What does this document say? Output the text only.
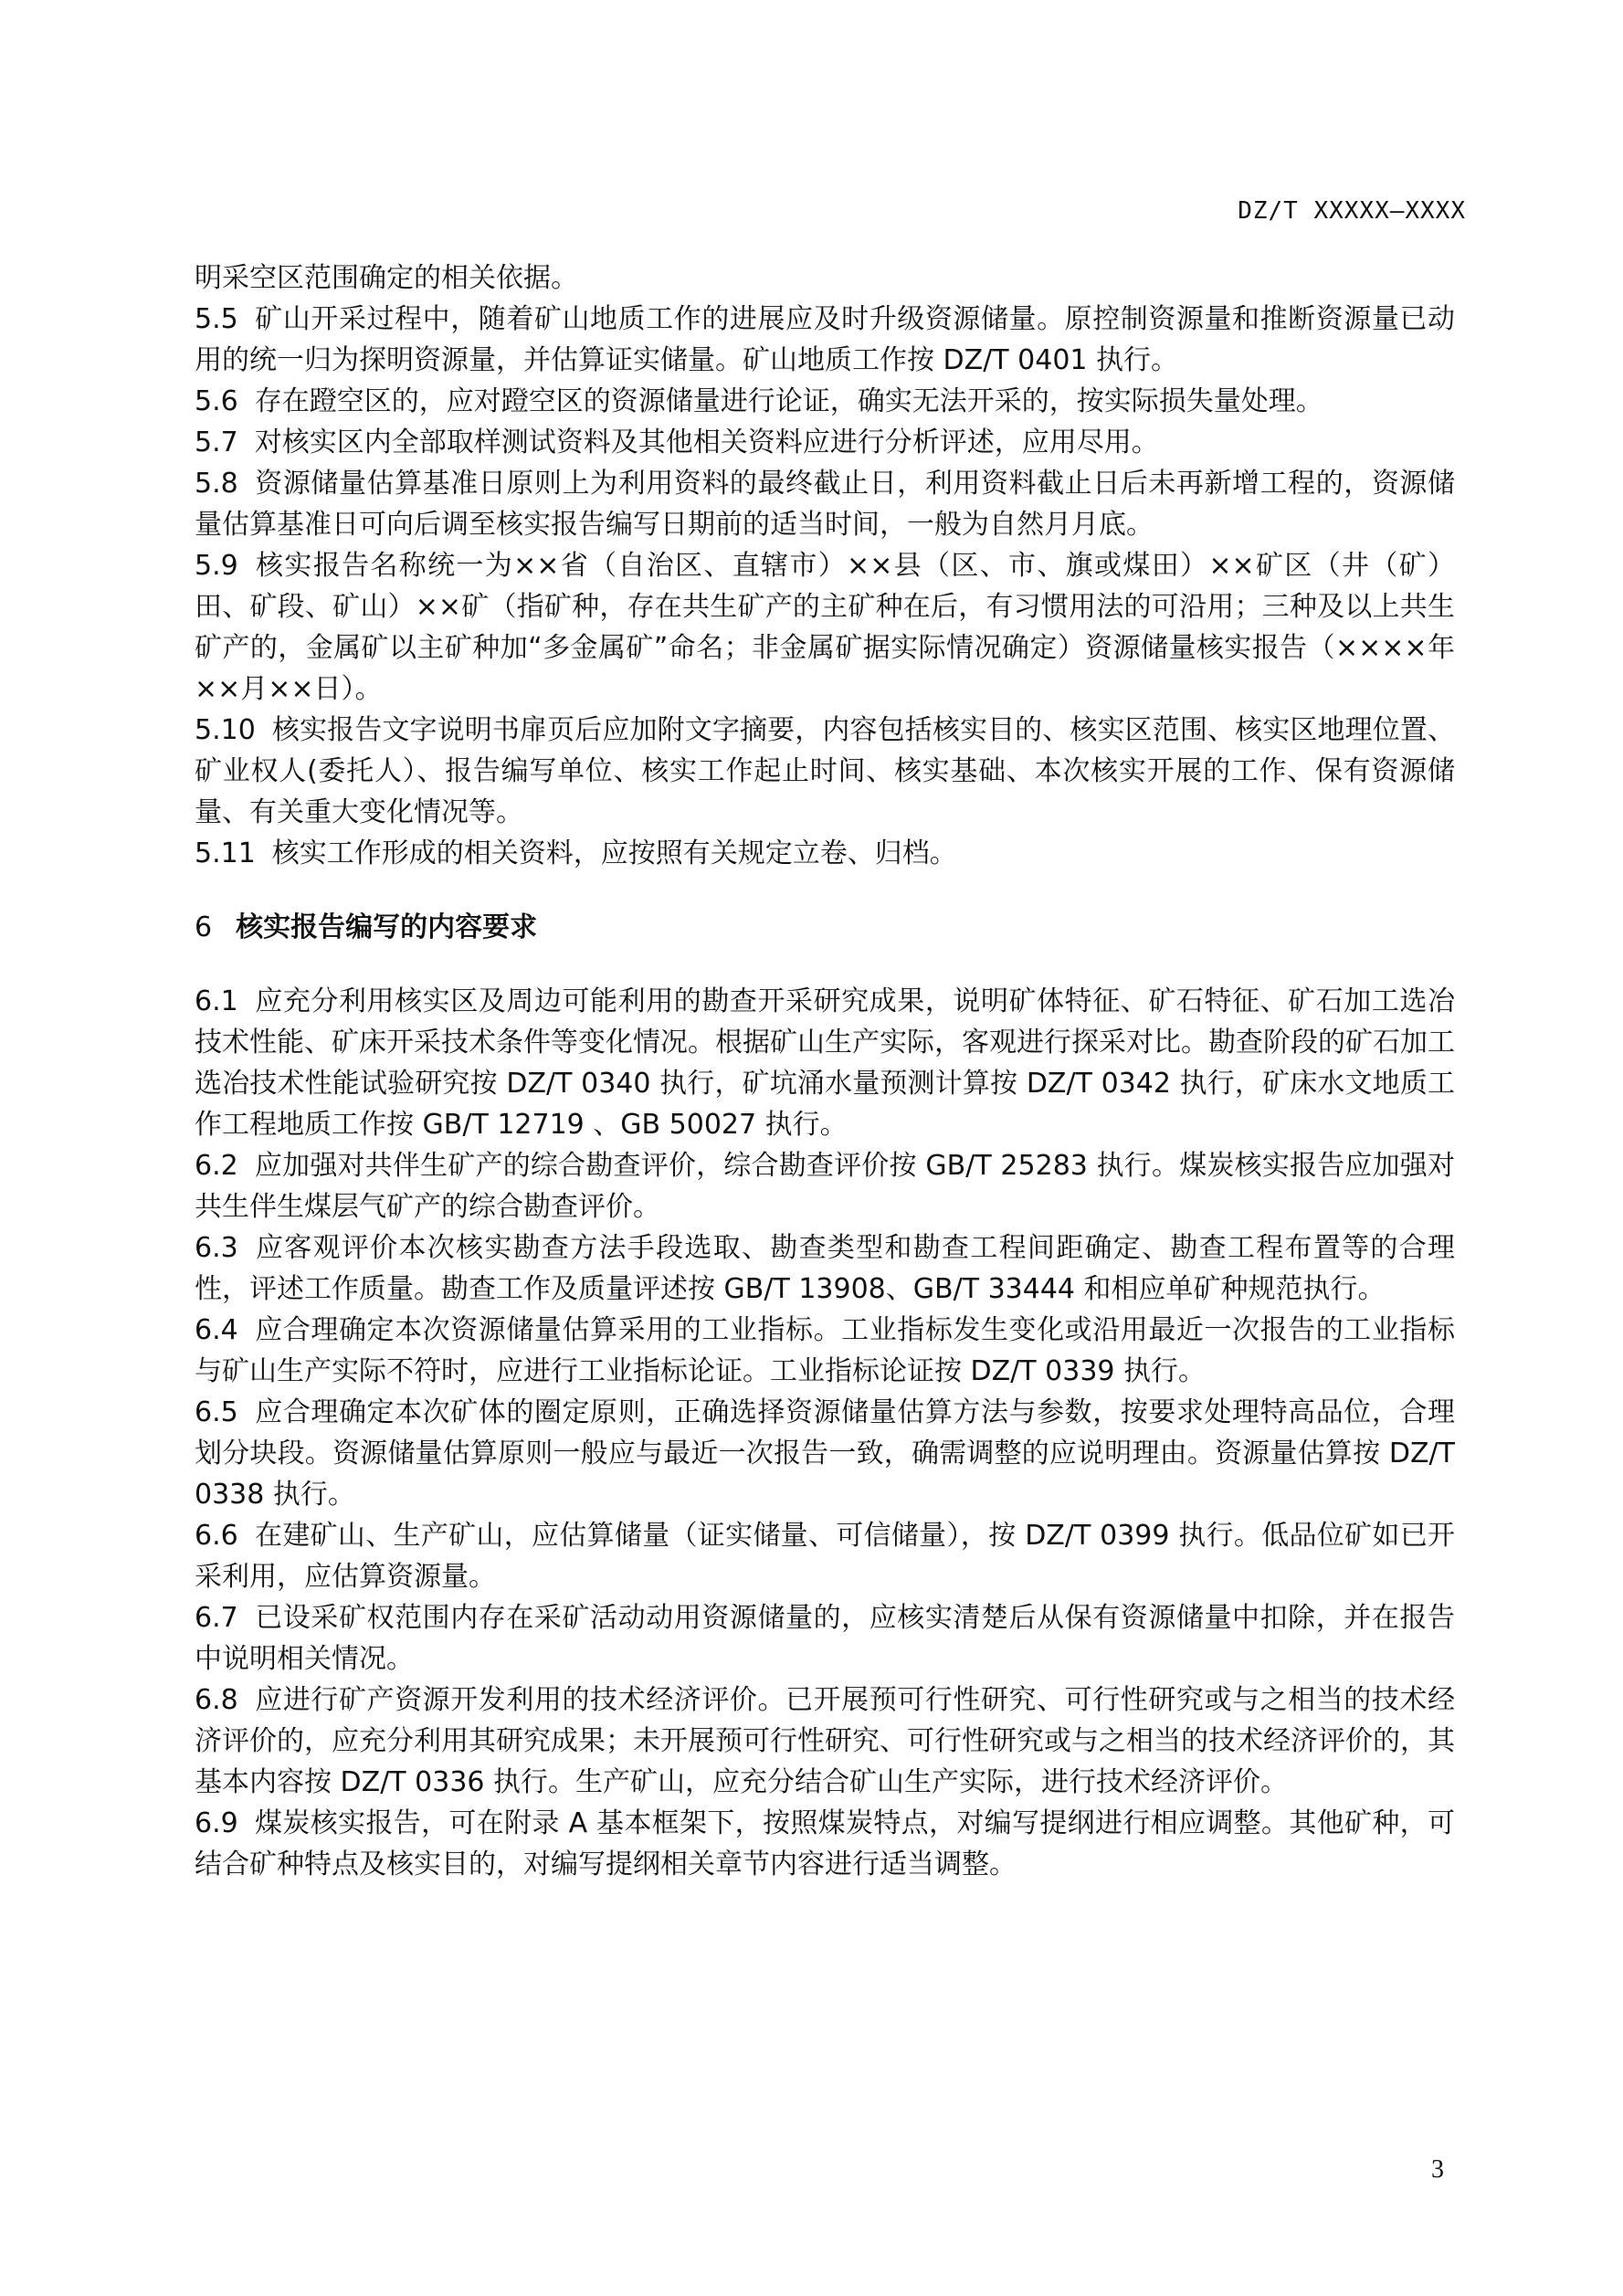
DZ/T XXXXX—XXXX

明采空区范围确定的相关依据。

5.5 矿山开采过程中，随着矿山地质工作的进展应及时升级资源储量。原控制资源量和推断资源量已动用的统一归为探明资源量，并估算证实储量。矿山地质工作按 DZ/T 0401 执行。

5.6 存在蹬空区的，应对蹬空区的资源储量进行论证，确实无法开采的，按实际损失量处理。

5.7 对核实区内全部取样测试资料及其他相关资料应进行分析评述，应用尽用。

5.8 资源储量估算基准日原则上为利用资料的最终截止日，利用资料截止日后未再新增工程的，资源储量估算基准日可向后调至核实报告编写日期前的适当时间，一般为自然月月底。

5.9 核实报告名称统一为××省（自治区、直辖市）××县（区、市、旗或煤田）××矿区（井（矿）田、矿段、矿山）××矿（指矿种，存在共生矿产的主矿种在后，有习惯用法的可沿用；三种及以上共生矿产的，金属矿以主矿种加“多金属矿”命名；非金属矿据实际情况确定）资源储量核实报告（××××年××月××日）。

5.10 核实报告文字说明书扉页后应加附文字摘要，内容包括核实目的、核实区范围、核实区地理位置、矿业权人(委托人）、报告编写单位、核实工作起止时间、核实基础、本次核实开展的工作、保有资源储量、有关重大变化情况等。

5.11 核实工作形成的相关资料，应按照有关规定立卷、归档。

6 核实报告编写的内容要求

6.1 应充分利用核实区及周边可能利用的勘查开采研究成果，说明矿体特征、矿石特征、矿石加工选冶技术性能、矿床开采技术条件等变化情况。根据矿山生产实际，客观进行探采对比。勘查阶段的矿石加工选冶技术性能试验研究按 DZ/T 0340 执行，矿坑涌水量预测计算按 DZ/T 0342 执行，矿床水文地质工作工程地质工作按 GB/T 12719 、GB 50027 执行。

6.2 应加强对共伴生矿产的综合勘查评价，综合勘查评价按 GB/T 25283 执行。煤炭核实报告应加强对共生伴生煤层气矿产的综合勘查评价。

6.3 应客观评价本次核实勘查方法手段选取、勘查类型和勘查工程间距确定、勘查工程布置等的合理性，评述工作质量。勘查工作及质量评述按 GB/T 13908、GB/T 33444 和相应单矿种规范执行。

6.4 应合理确定本次资源储量估算采用的工业指标。工业指标发生变化或沿用最近一次报告的工业指标与矿山生产实际不符时，应进行工业指标论证。工业指标论证按 DZ/T 0339 执行。

6.5 应合理确定本次矿体的圈定原则，正确选择资源储量估算方法与参数，按要求处理特高品位，合理划分块段。资源储量估算原则一般应与最近一次报告一致，确需调整的应说明理由。资源量估算按 DZ/T 0338 执行。

6.6 在建矿山、生产矿山，应估算储量（证实储量、可信储量），按 DZ/T 0399 执行。低品位矿如已开采利用，应估算资源量。

6.7 已设采矿权范围内存在采矿活动动用资源储量的，应核实清楚后从保有资源储量中扣除，并在报告中说明相关情况。

6.8 应进行矿产资源开发利用的技术经济评价。已开展预可行性研究、可行性研究或与之相当的技术经济评价的，应充分利用其研究成果；未开展预可行性研究、可行性研究或与之相当的技术经济评价的，其基本内容按 DZ/T 0336 执行。生产矿山，应充分结合矿山生产实际，进行技术经济评价。

6.9 煤炭核实报告，可在附录 A 基本框架下，按照煤炭特点，对编写提纲进行相应调整。其他矿种，可结合矿种特点及核实目的，对编写提纲相关章节内容进行适当调整。

3
